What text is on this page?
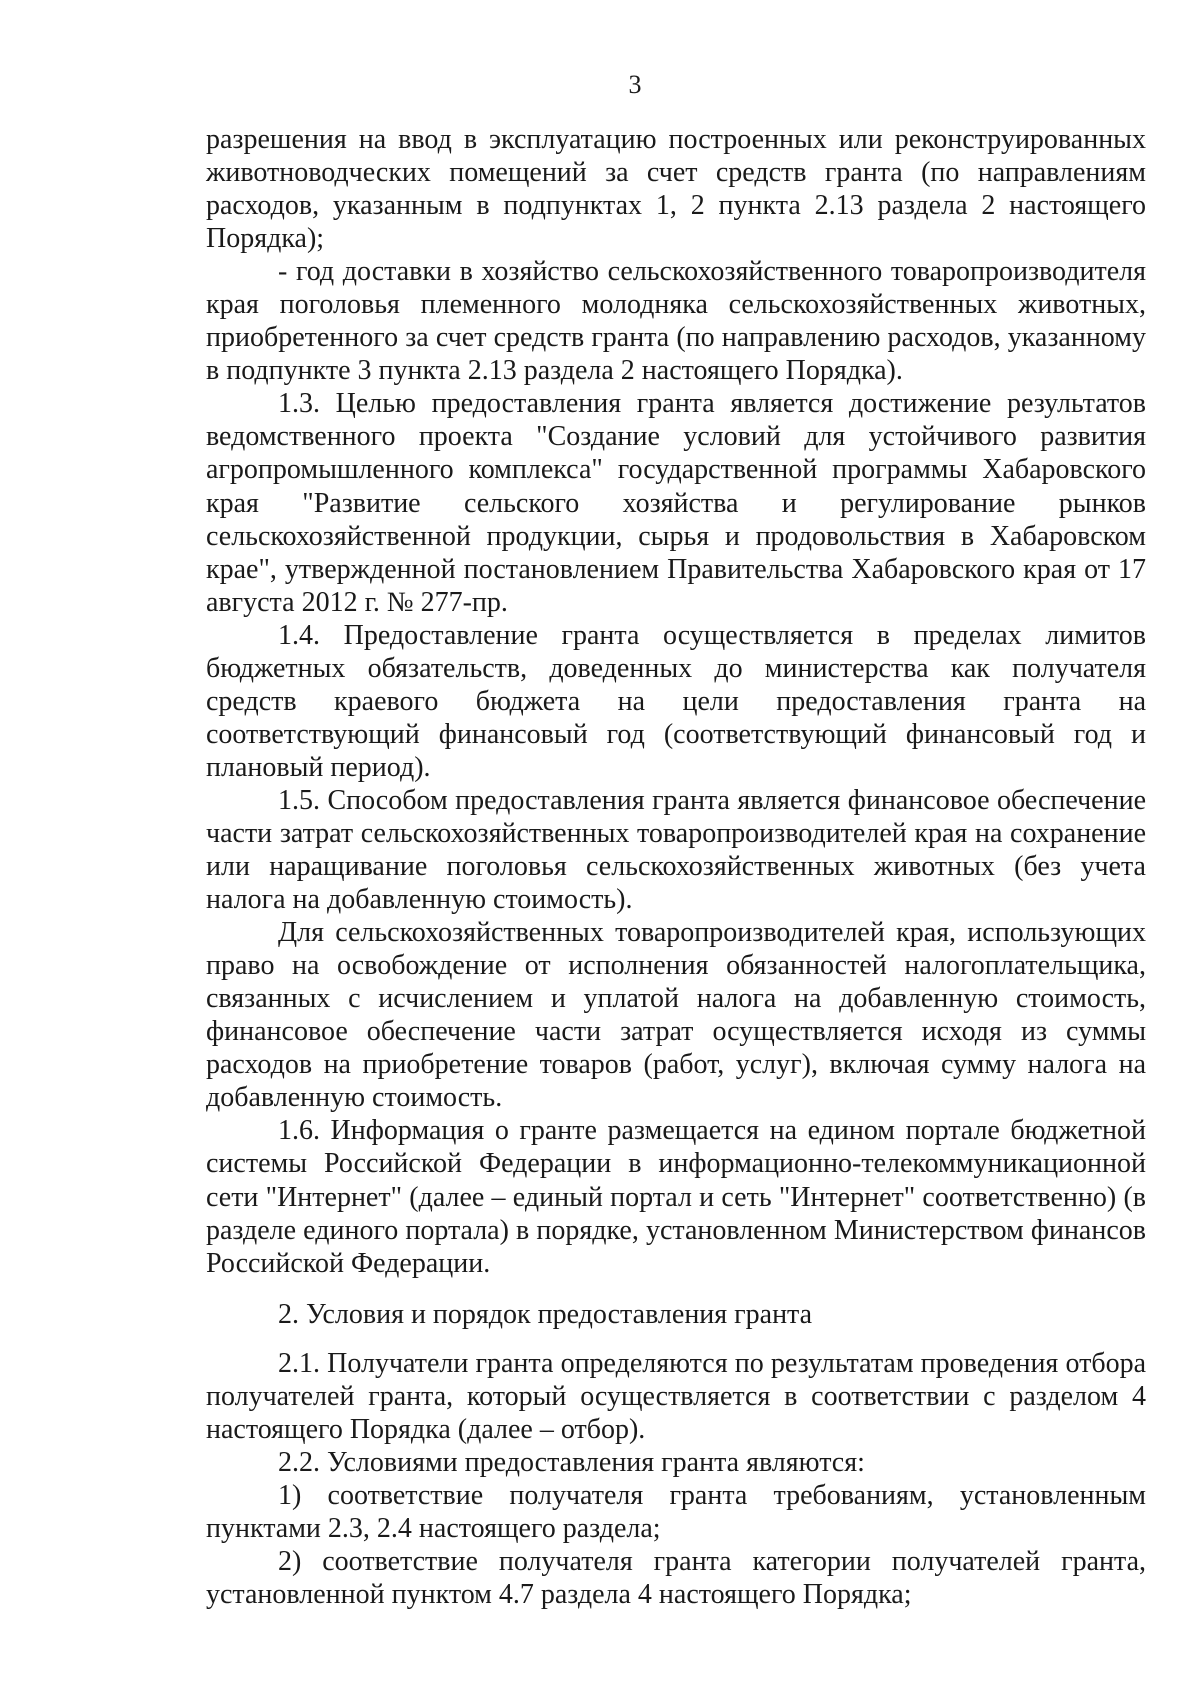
3

разрешения на ввод в эксплуатацию построенных или реконструированных животноводческих помещений за счет средств гранта (по направлениям расходов, указанным в подпунктах 1, 2 пункта 2.13 раздела 2 настоящего Порядка);

- год доставки в хозяйство сельскохозяйственного товаропроизводителя края поголовья племенного молодняка сельскохозяйственных животных, приобретенного за счет средств гранта (по направлению расходов, указанному в подпункте 3 пункта 2.13 раздела 2 настоящего Порядка).

1.3. Целью предоставления гранта является достижение результатов ведомственного проекта "Создание условий для устойчивого развития агропромышленного комплекса" государственной программы Хабаровского края "Развитие сельского хозяйства и регулирование рынков сельскохозяйственной продукции, сырья и продовольствия в Хабаровском крае", утвержденной постановлением Правительства Хабаровского края от 17 августа 2012 г. № 277-пр.

1.4. Предоставление гранта осуществляется в пределах лимитов бюджетных обязательств, доведенных до министерства как получателя средств краевого бюджета на цели предоставления гранта на соответствующий финансовый год (соответствующий финансовый год и плановый период).

1.5. Способом предоставления гранта является финансовое обеспечение части затрат сельскохозяйственных товаропроизводителей края на сохранение или наращивание поголовья сельскохозяйственных животных (без учета налога на добавленную стоимость).

Для сельскохозяйственных товаропроизводителей края, использующих право на освобождение от исполнения обязанностей налогоплательщика, связанных с исчислением и уплатой налога на добавленную стоимость, финансовое обеспечение части затрат осуществляется исходя из суммы расходов на приобретение товаров (работ, услуг), включая сумму налога на добавленную стоимость.

1.6. Информация о гранте размещается на едином портале бюджетной системы Российской Федерации в информационно-телекоммуникационной сети "Интернет" (далее – единый портал и сеть "Интернет" соответственно) (в разделе единого портала) в порядке, установленном Министерством финансов Российской Федерации.

2. Условия и порядок предоставления гранта

2.1. Получатели гранта определяются по результатам проведения отбора получателей гранта, который осуществляется в соответствии с разделом 4 настоящего Порядка (далее – отбор).

2.2. Условиями предоставления гранта являются:

1) соответствие получателя гранта требованиям, установленным пунктами 2.3, 2.4 настоящего раздела;

2) соответствие получателя гранта категории получателей гранта, установленной пунктом 4.7 раздела 4 настоящего Порядка;
